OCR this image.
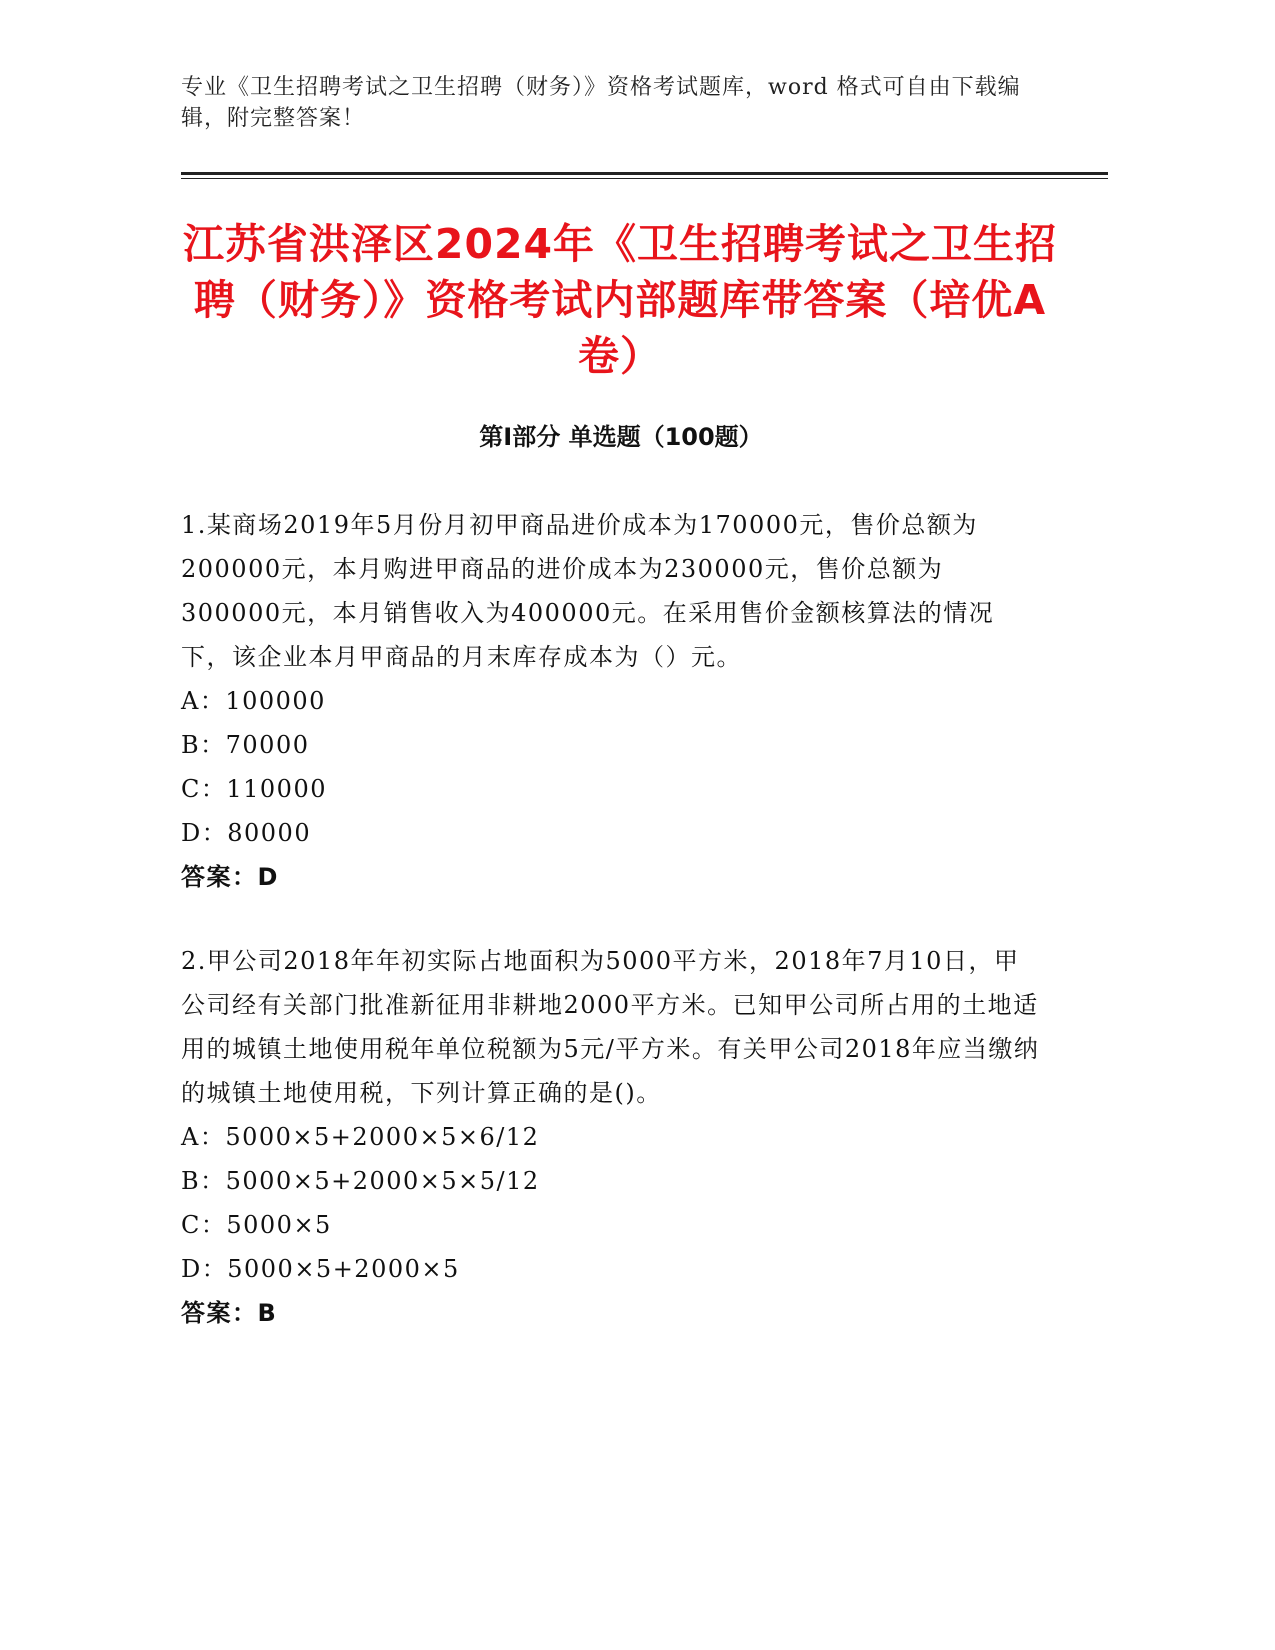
专业《卫生招聘考试之卫生招聘（财务）》资格考试题库，word 格式可自由下载编辑，附完整答案！
江苏省洪泽区2024年《卫生招聘考试之卫生招聘（财务）》资格考试内部题库带答案（培优A卷）
第Ⅰ部分 单选题（100题）

1.某商场2019年5月份月初甲商品进价成本为170000元，售价总额为200000元，本月购进甲商品的进价成本为230000元，售价总额为300000元，本月销售收入为400000元。在采用售价金额核算法的情况下，该企业本月甲商品的月末库存成本为（）元。

A：100000

B：70000

C：110000

D：80000

答案：D

2.甲公司2018年年初实际占地面积为5000平方米，2018年7月10日，甲公司经有关部门批准新征用非耕地2000平方米。已知甲公司所占用的土地适用的城镇土地使用税年单位税额为5元/平方米。有关甲公司2018年应当缴纳的城镇土地使用税，下列计算正确的是()。

A：5000×5+2000×5×6/12

B：5000×5+2000×5×5/12

C：5000×5

D：5000×5+2000×5

答案：B
